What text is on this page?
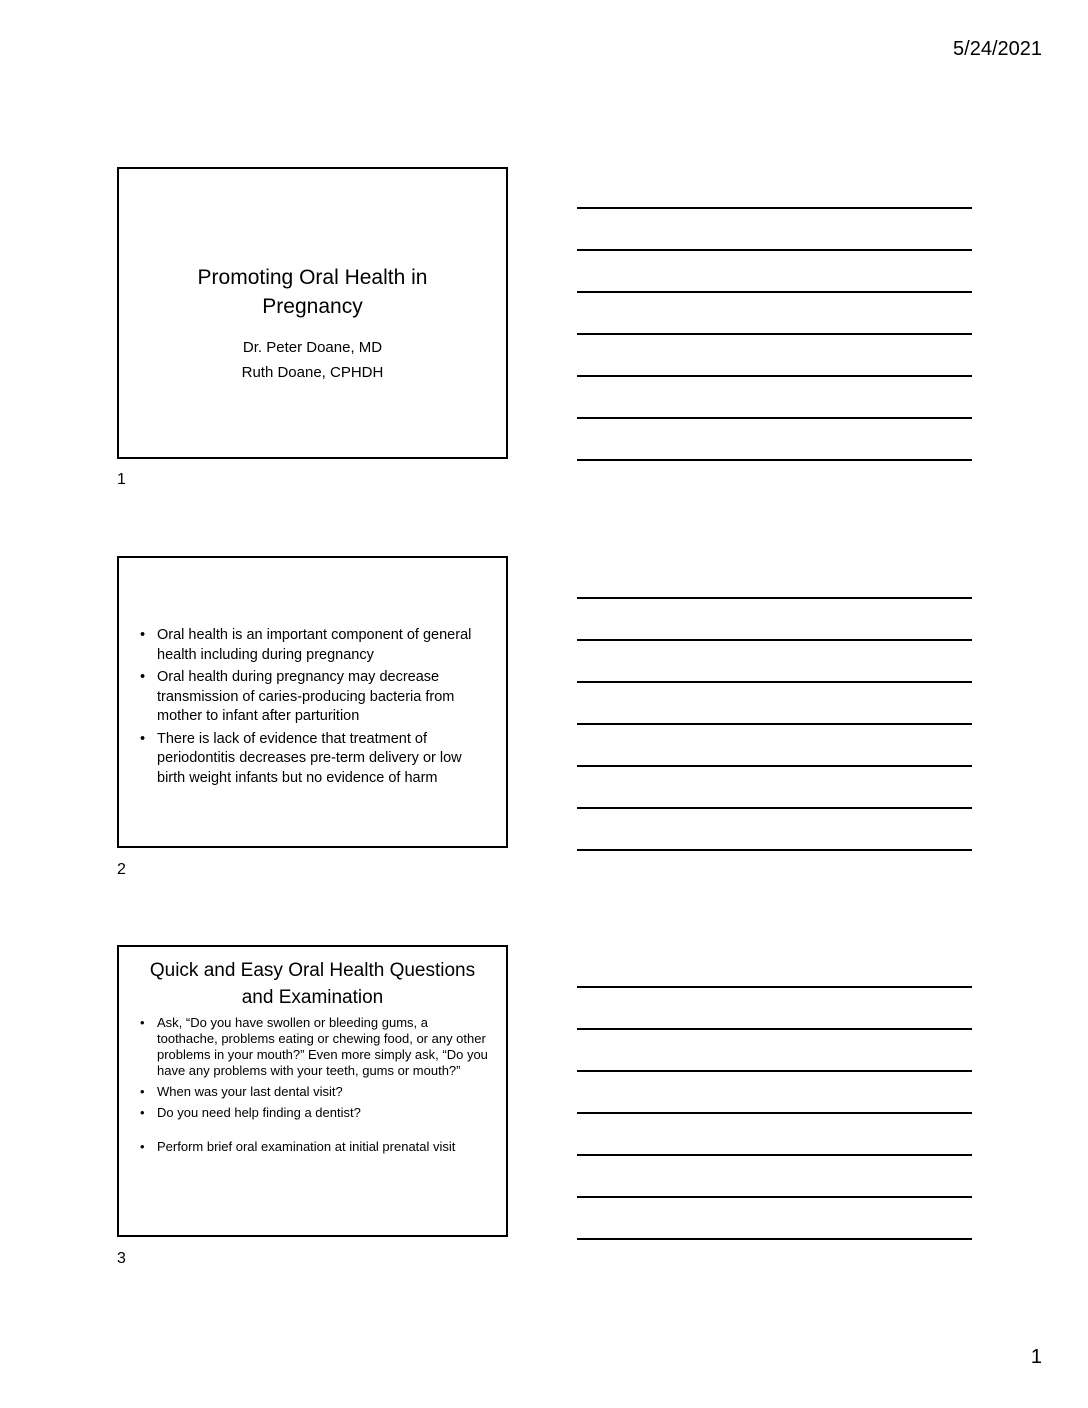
5/24/2021
Promoting Oral Health in
Pregnancy
Dr. Peter Doane, MD
Ruth Doane, CPHDH
1
• Oral health is an important component of general health including during pregnancy
• Oral health during pregnancy may decrease transmission of caries-producing bacteria from mother to infant after parturition
• There is lack of evidence that treatment of periodontitis decreases pre-term delivery or low birth weight infants but no evidence of harm
2
Quick and Easy Oral Health Questions
and Examination
• Ask, “Do you have swollen or bleeding gums, a toothache, problems eating or chewing food, or any other problems in your mouth?” Even more simply ask, “Do you have any problems with your teeth, gums or mouth?”
• When was your last dental visit?
• Do you need help finding a dentist?
• Perform brief oral examination at initial prenatal visit
3
1
